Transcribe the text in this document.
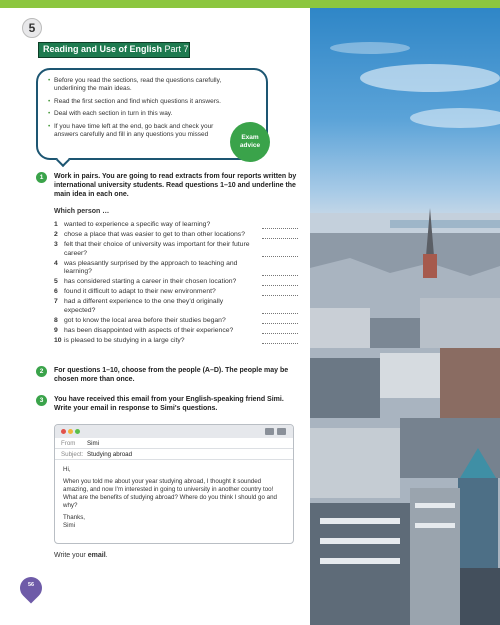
5
Reading and Use of English Part 7
• Before you read the sections, read the questions carefully, underlining the main ideas.
• Read the first section and find which questions it answers.
• Deal with each section in turn in this way.
• If you have time left at the end, go back and check your answers carefully and fill in any questions you missed	Exam
advice
1	Work in pairs. You are going to read extracts from four reports written by international university students. Read questions 1–10 and underline the main idea in each one.
Which person …
1 wanted to experience a specific way of learning?
2 chose a place that was easier to get to than other locations?
3 felt that their choice of university was important for their future career?
4 was pleasantly surprised by the approach to teaching and learning?
5 has considered starting a career in their chosen location?
6 found it difficult to adapt to their new environment?
7 had a different experience to the one they'd originally expected?
8 got to know the local area before their studies began?
9 has been disappointed with aspects of their experience?
10 is pleased to be studying in a large city?
2	For questions 1–10, choose from the people (A–D). The people may be chosen more than once.
3	You have received this email from your English-speaking friend Simi. Write your email in response to Simi's questions.
From Simi
Subject: Studying abroad

Hi,

When you told me about your year studying abroad, I thought it sounded amazing, and now I'm interested in going to university in another country too! What are the benefits of studying abroad? Where do you think I should go and why?

Thanks,

Simi

Write your email.
56
